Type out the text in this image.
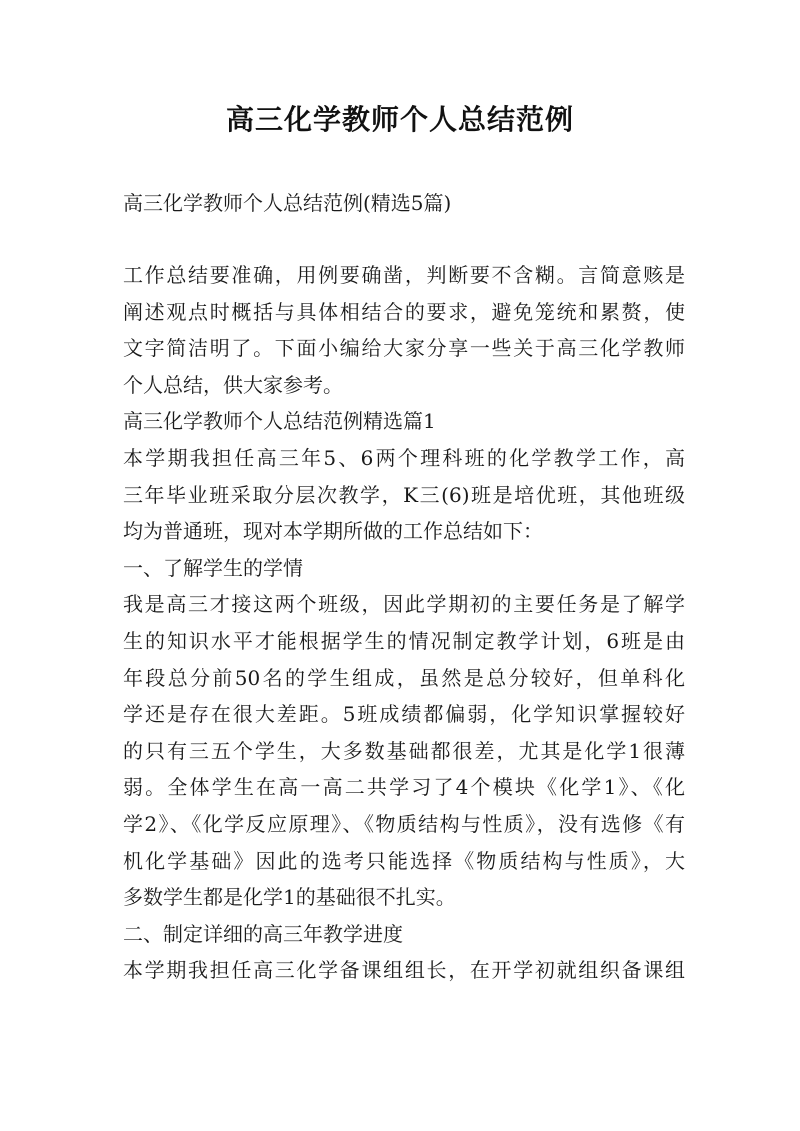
高三化学教师个人总结范例
高三化学教师个人总结范例(精选5篇)
工作总结要准确，用例要确凿，判断要不含糊。言简意赅是
阐述观点时概括与具体相结合的要求，避免笼统和累赘，使
文字简洁明了。下面小编给大家分享一些关于高三化学教师
个人总结，供大家参考。
高三化学教师个人总结范例精选篇1
本学期我担任高三年5、6两个理科班的化学教学工作，高
三年毕业班采取分层次教学，K三(6)班是培优班，其他班级
均为普通班，现对本学期所做的工作总结如下：
一、了解学生的学情
我是高三才接这两个班级，因此学期初的主要任务是了解学
生的知识水平才能根据学生的情况制定教学计划，6班是由
年段总分前50名的学生组成，虽然是总分较好，但单科化
学还是存在很大差距。5班成绩都偏弱，化学知识掌握较好
的只有三五个学生，大多数基础都很差，尤其是化学1很薄
弱。全体学生在高一高二共学习了4个模块《化学1》、《化
学2》、《化学反应原理》、《物质结构与性质》，没有选修《有
机化学基础》因此的选考只能选择《物质结构与性质》，大
多数学生都是化学1的基础很不扎实。
二、制定详细的高三年教学进度
本学期我担任高三化学备课组组长，在开学初就组织备课组
